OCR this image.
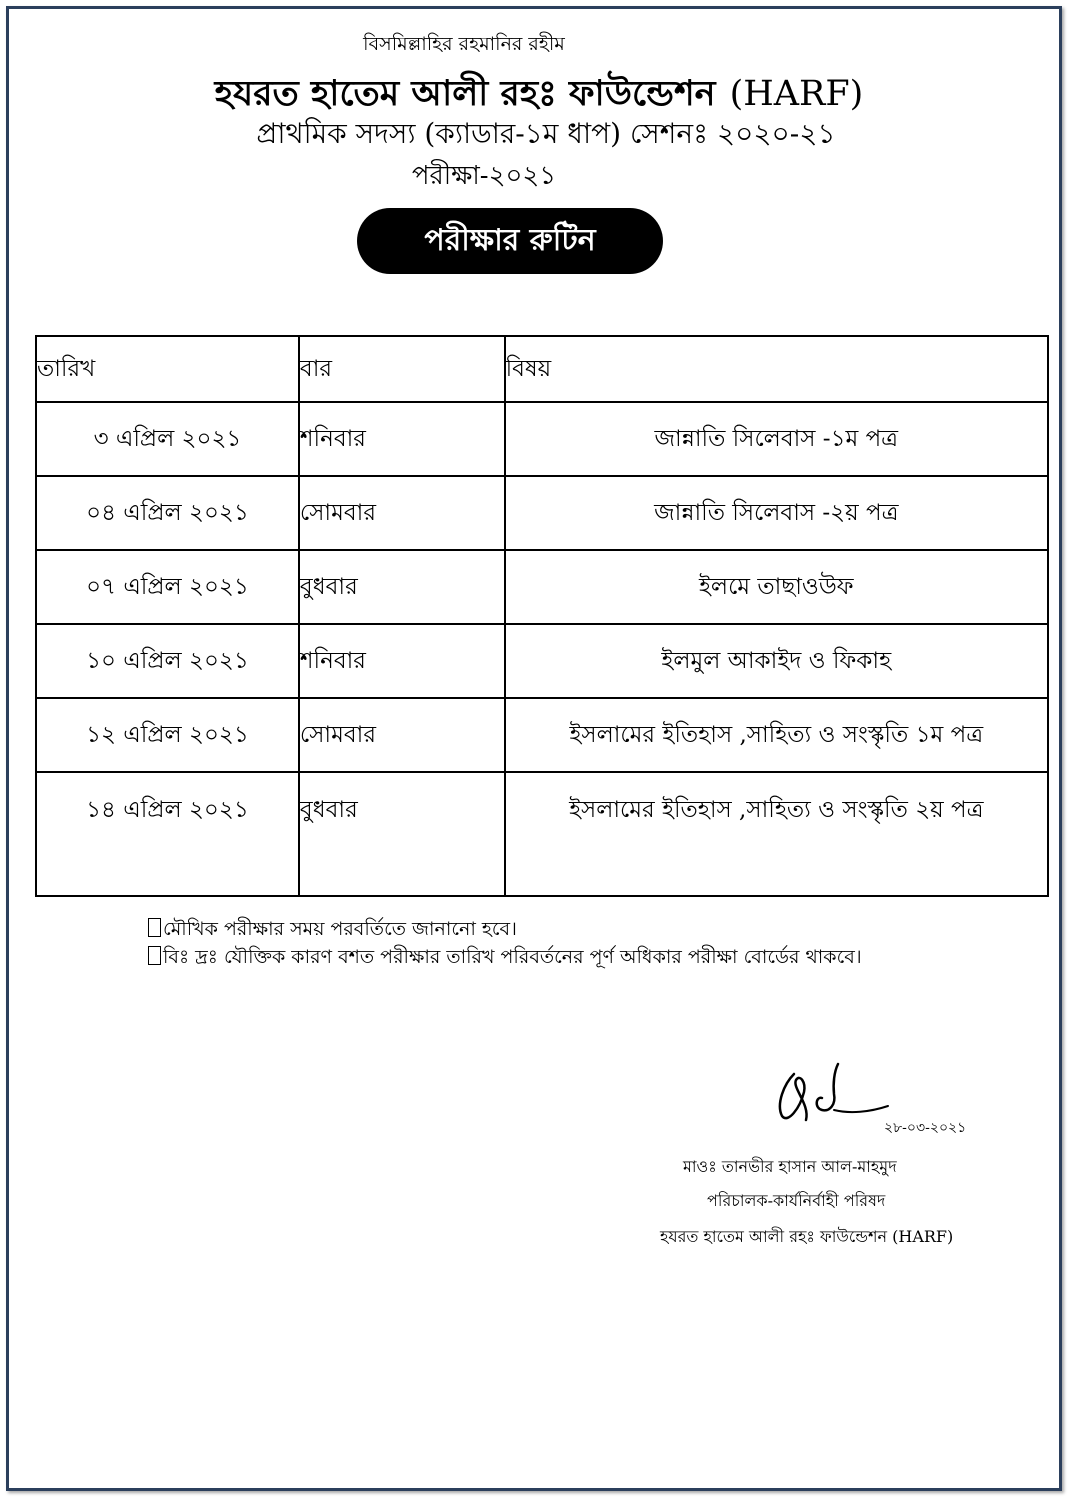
বিসমিল্লাহির রহমানির রহীম
হযরত হাতেম আলী রহঃ ফাউন্ডেশন (HARF)
প্রাথমিক সদস্য (ক্যাডার-১ম ধাপ) সেশনঃ ২০২০-২১
পরীক্ষা-২০২১
পরীক্ষার রুটিন
তারিখ	বার	বিষয়
৩ এপ্রিল ২০২১	শনিবার	জান্নাতি সিলেবাস -১ম পত্র
০৪ এপ্রিল ২০২১	সোমবার	জান্নাতি সিলেবাস -২য় পত্র
০৭ এপ্রিল ২০২১	বুধবার	ইলমে তাছাওউফ
১০ এপ্রিল ২০২১	শনিবার	ইলমুল আকাইদ ও ফিকাহ
১২ এপ্রিল ২০২১	সোমবার	ইসলামের ইতিহাস ,সাহিত্য ও সংস্কৃতি ১ম পত্র
১৪ এপ্রিল ২০২১	বুধবার	ইসলামের ইতিহাস ,সাহিত্য ও সংস্কৃতি ২য় পত্র
মৌখিক পরীক্ষার সময় পরবর্তিতে জানানো হবে।
বিঃ দ্রঃ যৌক্তিক কারণ বশত পরীক্ষার তারিখ পরিবর্তনের পূর্ণ অধিকার পরীক্ষা বোর্ডের থাকবে।
২৮-০৩-২০২১
মাওঃ তানভীর হাসান আল-মাহমুদ
পরিচালক-কার্যনির্বাহী পরিষদ
হযরত হাতেম আলী রহঃ ফাউন্ডেশন (HARF)
